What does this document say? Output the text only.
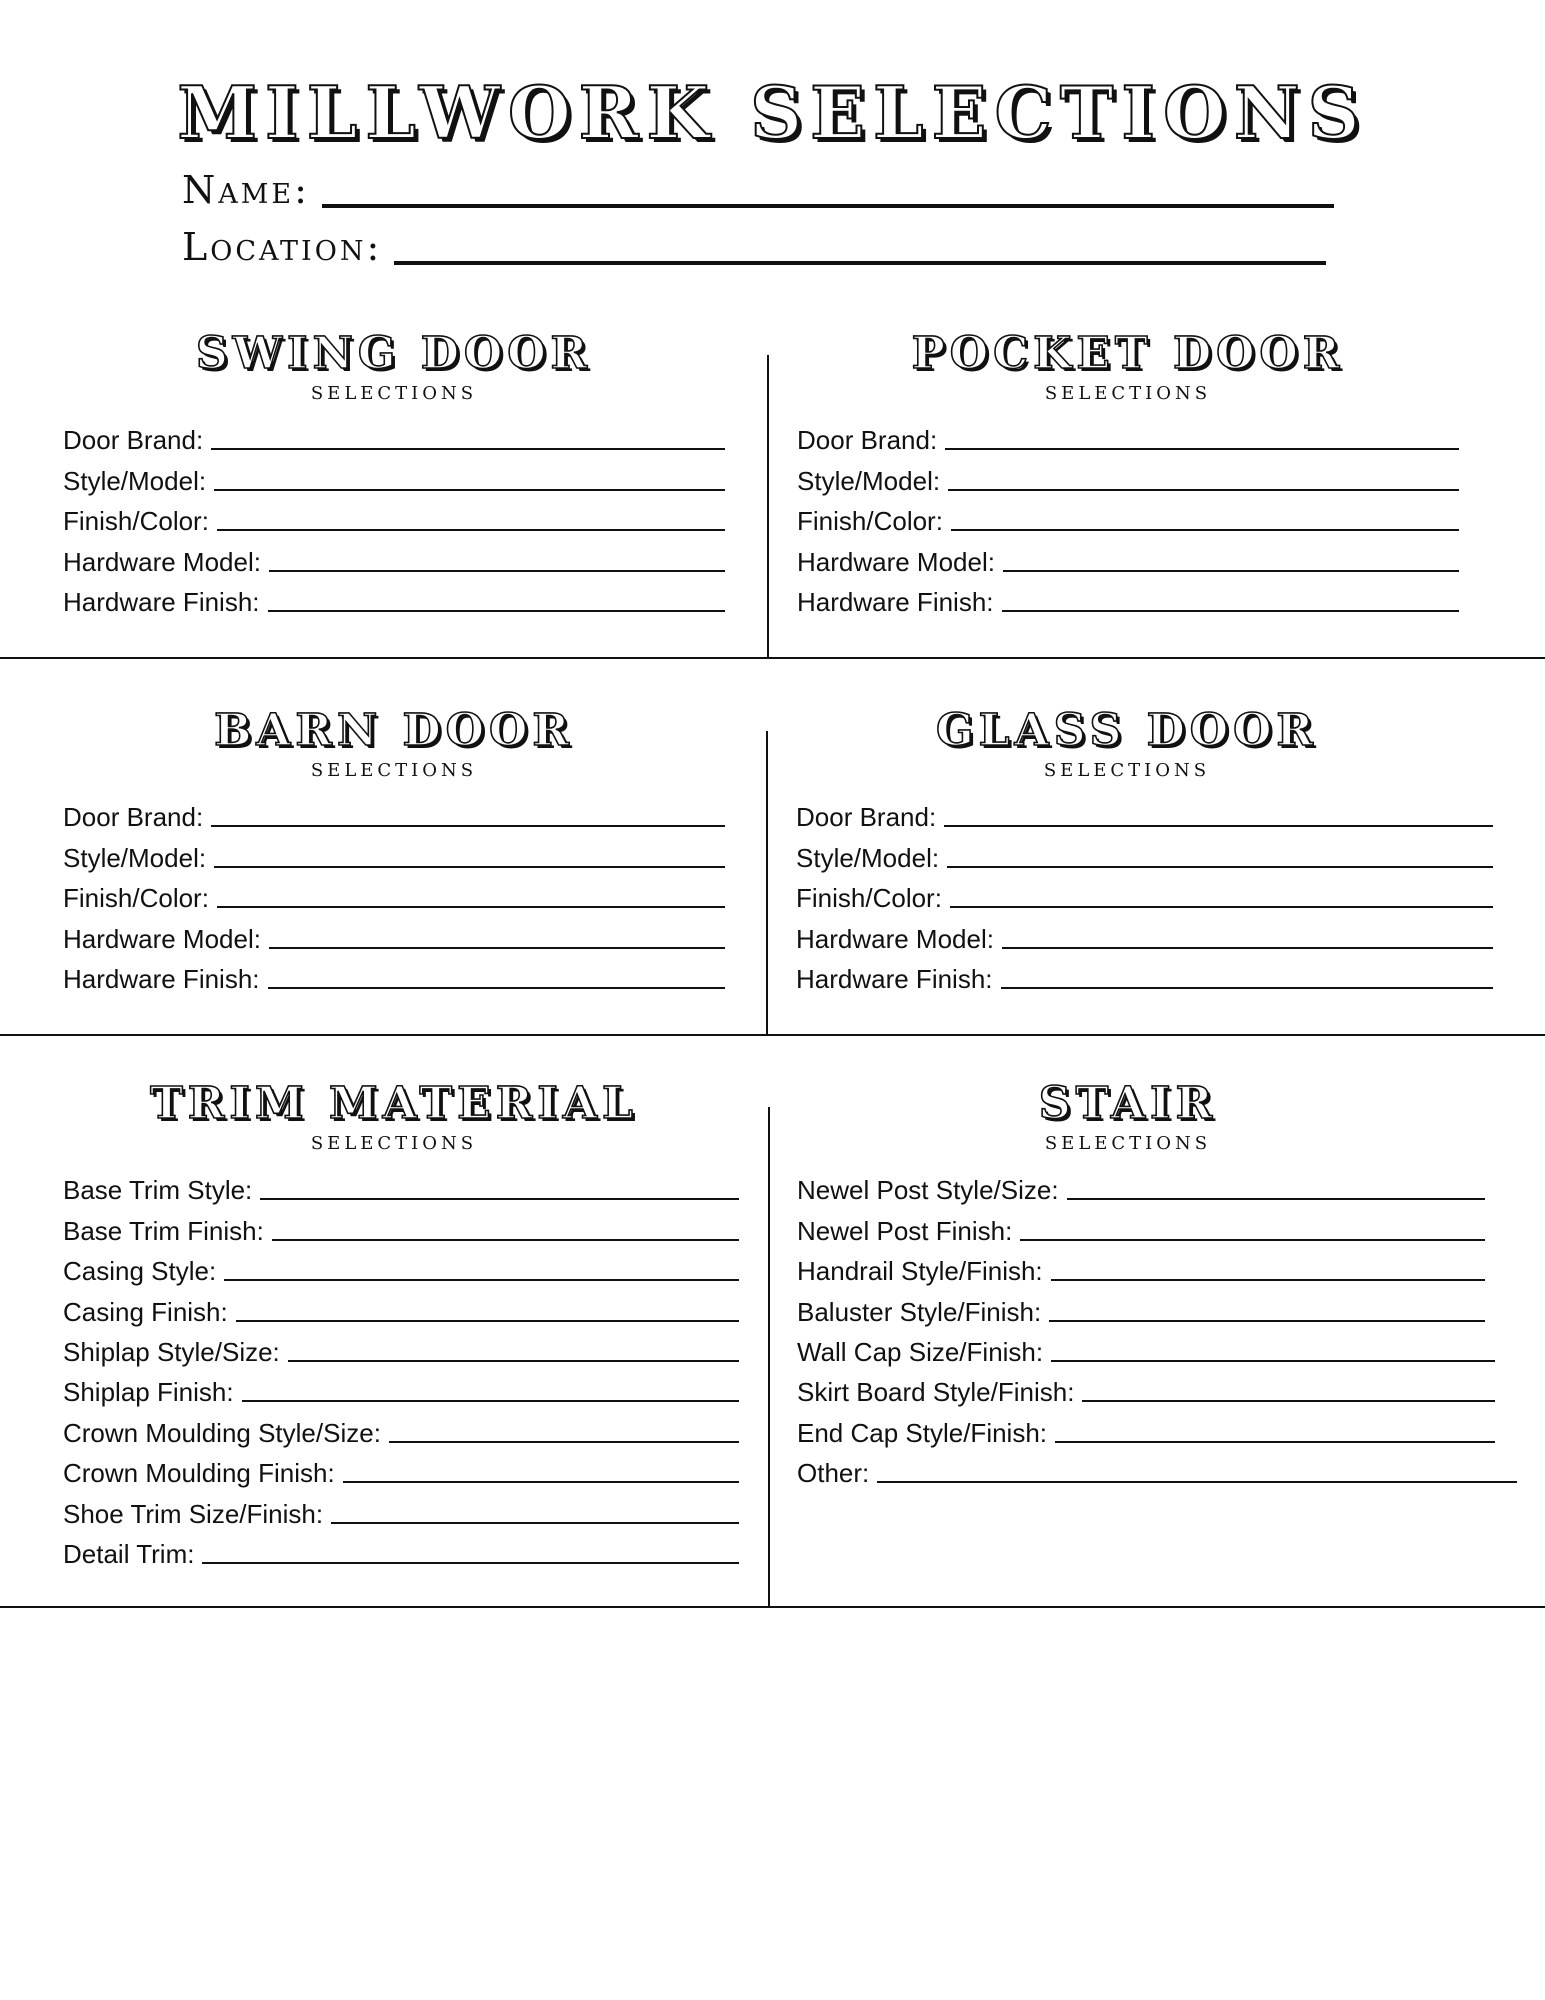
MILLWORK SELECTIONS
Name:
Location:
SWING DOOR
SELECTIONS
Door Brand:
Style/Model:
Finish/Color:
Hardware Model:
Hardware Finish:
POCKET DOOR
SELECTIONS
Door Brand:
Style/Model:
Finish/Color:
Hardware Model:
Hardware Finish:
BARN DOOR
SELECTIONS
Door Brand:
Style/Model:
Finish/Color:
Hardware Model:
Hardware Finish:
GLASS DOOR
SELECTIONS
Door Brand:
Style/Model:
Finish/Color:
Hardware Model:
Hardware Finish:
TRIM MATERIAL
SELECTIONS
Base Trim Style:
Base Trim Finish:
Casing Style:
Casing Finish:
Shiplap Style/Size:
Shiplap Finish:
Crown Moulding Style/Size:
Crown Moulding Finish:
Shoe Trim Size/Finish:
Detail Trim:
STAIR
SELECTIONS
Newel Post Style/Size:
Newel Post Finish:
Handrail Style/Finish:
Baluster Style/Finish:
Wall Cap Size/Finish:
Skirt Board Style/Finish:
End Cap Style/Finish:
Other:
